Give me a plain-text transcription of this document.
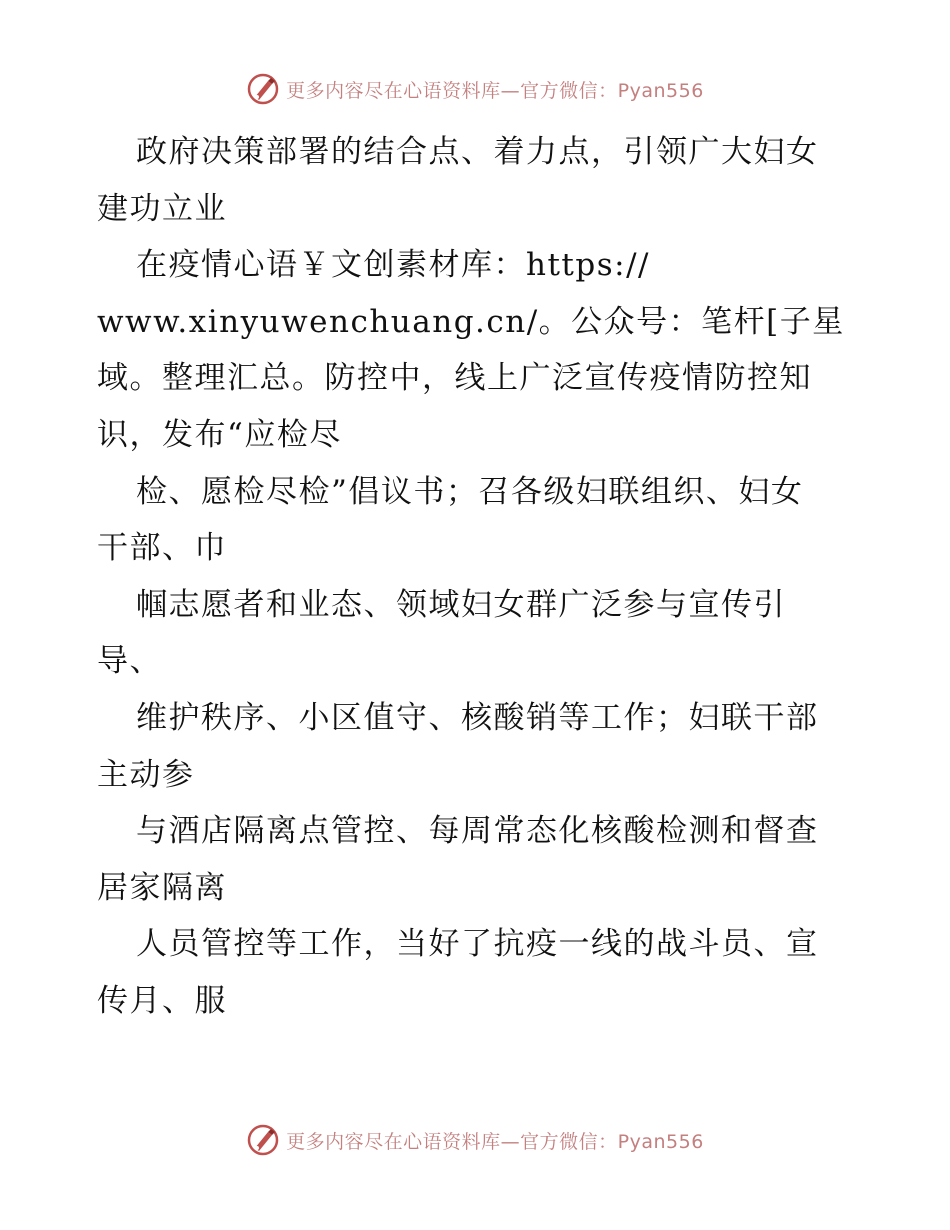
更多内容尽在心语资料库—官方微信：Pyan556
政府决策部署的结合点、着力点，引领广大妇女
建功立业
在疫情心语￥文创素材库：https://
www.xinyuwenchuang.cn/。公众号：笔杆[子星
域。整理汇总。防控中，线上广泛宣传疫情防控知
识，发布“应检尽
检、愿检尽检”倡议书；召各级妇联组织、妇女
干部、巾
帼志愿者和业态、领域妇女群广泛参与宣传引
导、
维护秩序、小区值守、核酸销等工作；妇联干部
主动参
与酒店隔离点管控、每周常态化核酸检测和督查
居家隔离
人员管控等工作，当好了抗疫一线的战斗员、宣
传月、服
更多内容尽在心语资料库—官方微信：Pyan556
